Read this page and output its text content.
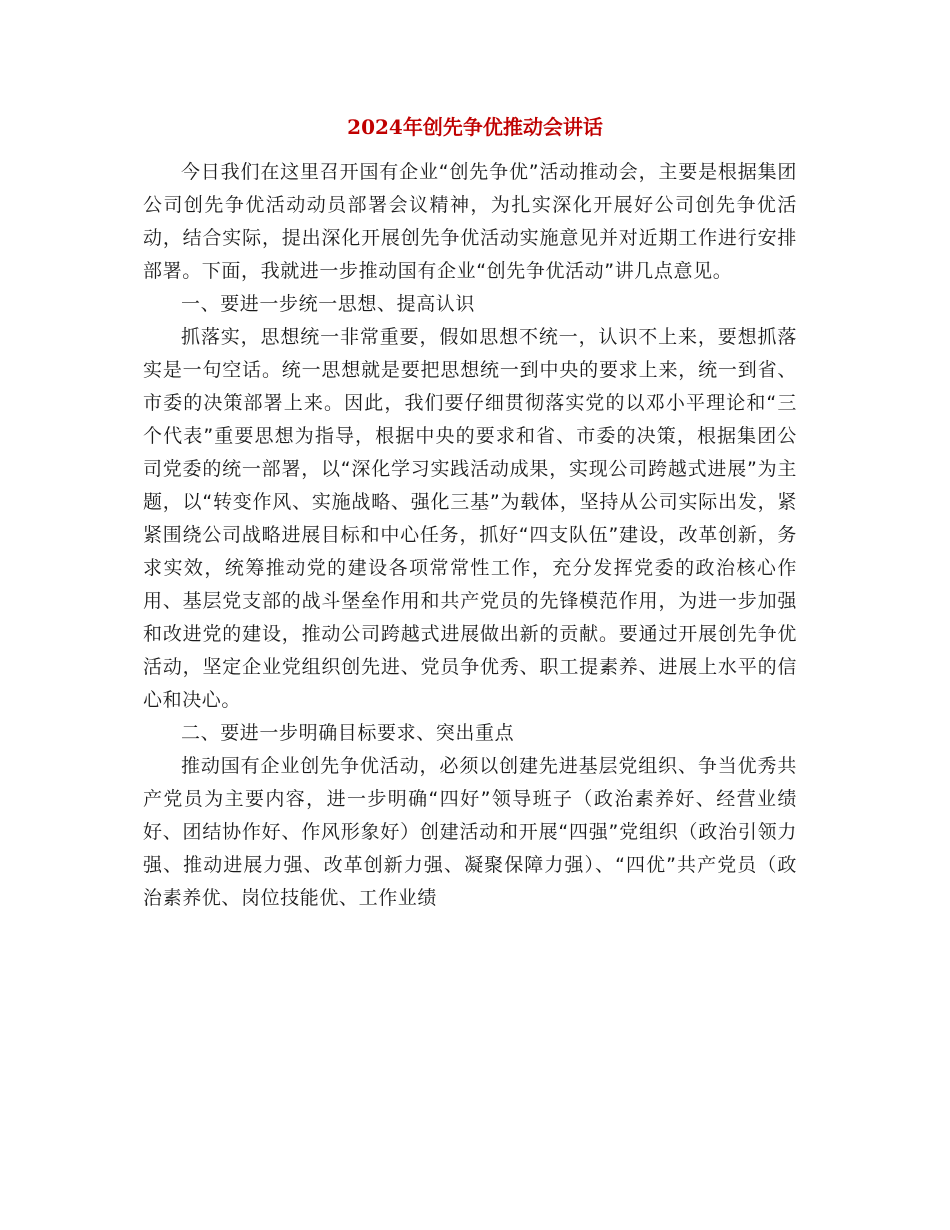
2024年创先争优推动会讲话

今日我们在这里召开国有企业“创先争优”活动推动会，主要是根据集团公司创先争优活动动员部署会议精神，为扎实深化开展好公司创先争优活动，结合实际，提出深化开展创先争优活动实施意见并对近期工作进行安排部署。下面，我就进一步推动国有企业“创先争优活动”讲几点意见。

一、要进一步统一思想、提高认识

抓落实，思想统一非常重要，假如思想不统一，认识不上来，要想抓落实是一句空话。统一思想就是要把思想统一到中央的要求上来，统一到省、市委的决策部署上来。因此，我们要仔细贯彻落实党的以邓小平理论和“三个代表”重要思想为指导，根据中央的要求和省、市委的决策，根据集团公司党委的统一部署，以“深化学习实践活动成果，实现公司跨越式进展”为主题，以“转变作风、实施战略、强化三基”为载体，坚持从公司实际出发，紧紧围绕公司战略进展目标和中心任务，抓好“四支队伍”建设，改革创新，务求实效，统筹推动党的建设各项常常性工作，充分发挥党委的政治核心作用、基层党支部的战斗堡垒作用和共产党员的先锋模范作用，为进一步加强和改进党的建设，推动公司跨越式进展做出新的贡献。要通过开展创先争优活动，坚定企业党组织创先进、党员争优秀、职工提素养、进展上水平的信心和决心。

二、要进一步明确目标要求、突出重点

推动国有企业创先争优活动，必须以创建先进基层党组织、争当优秀共产党员为主要内容，进一步明确“四好”领导班子（政治素养好、经营业绩好、团结协作好、作风形象好）创建活动和开展“四强”党组织（政治引领力强、推动进展力强、改革创新力强、凝聚保障力强）、“四优”共产党员（政治素养优、岗位技能优、工作业绩
